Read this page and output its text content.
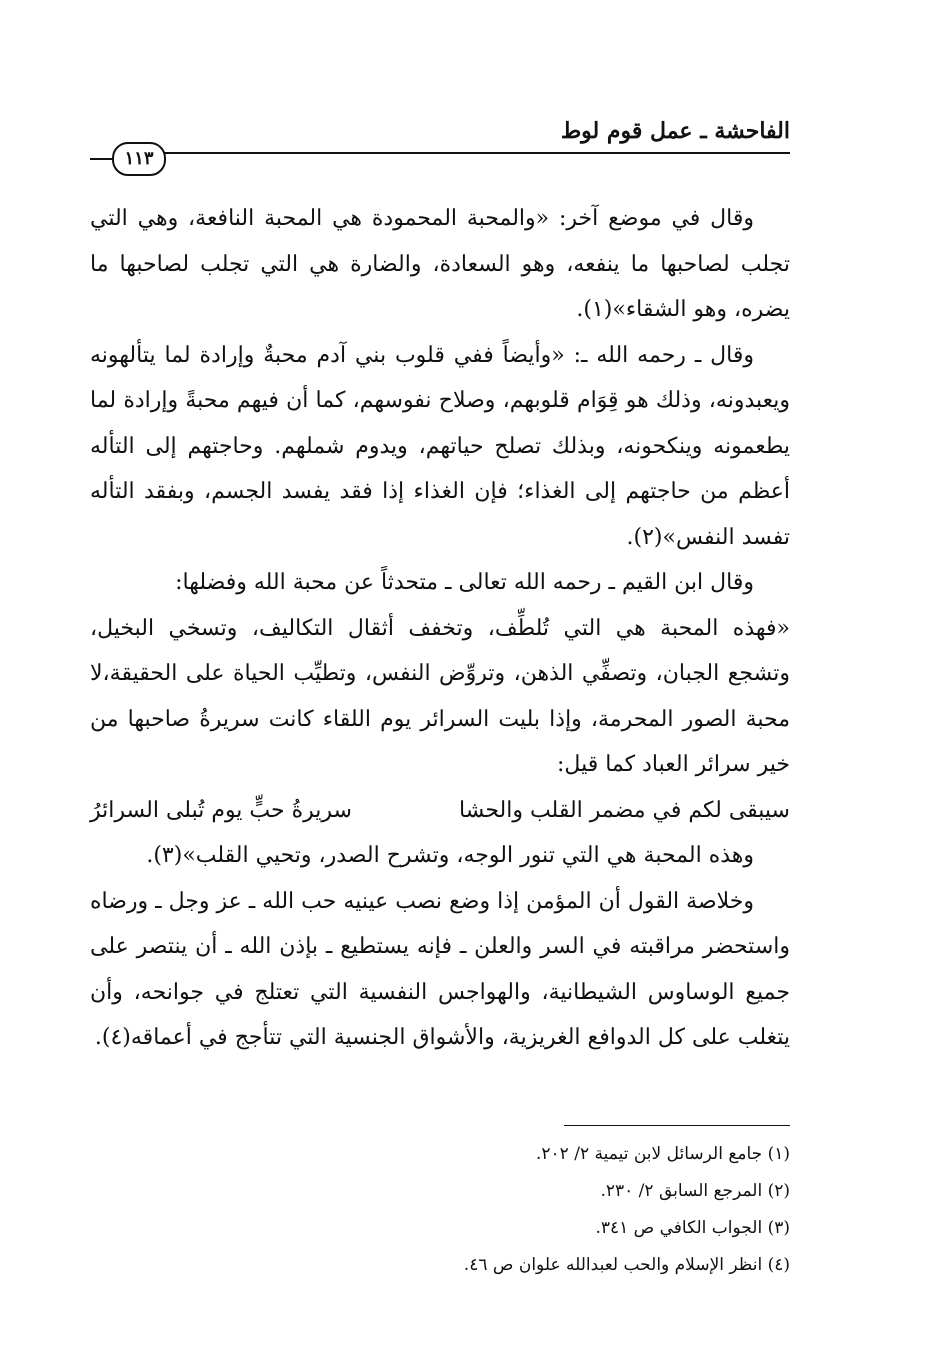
الفاحشة ـ عمل قوم لوط
١١٣

وقال في موضع آخر: «والمحبة المحمودة هي المحبة النافعة، وهي التي تجلب لصاحبها ما ينفعه، وهو السعادة، والضارة هي التي تجلب لصاحبها ما يضره، وهو الشقاء»(١).

وقال ـ رحمه الله ـ: «وأيضاً ففي قلوب بني آدم محبةٌ وإرادة لما يتألهونه ويعبدونه، وذلك هو قِوَام قلوبهم، وصلاح نفوسهم، كما أن فيهم محبةً وإرادة لما يطعمونه وينكحونه، وبذلك تصلح حياتهم، ويدوم شملهم. وحاجتهم إلى التأله أعظم من حاجتهم إلى الغذاء؛ فإن الغذاء إذا فقد يفسد الجسم، وبفقد التأله تفسد النفس»(٢).

وقال ابن القيم ـ رحمه الله تعالى ـ متحدثاً عن محبة الله وفضلها:

«فهذه المحبة هي التي تُلطِّف، وتخفف أثقال التكاليف، وتسخي البخيل، وتشجع الجبان، وتصفِّي الذهن، وتروِّض النفس، وتطيِّب الحياة على الحقيقة،لا محبة الصور المحرمة، وإذا بليت السرائر يوم اللقاء كانت سريرةُ صاحبها من خير سرائر العباد كما قيل:

سيبقى لكم في مضمر القلب والحشا
سريرةُ حبٍّ يوم تُبلى السرائرُ

وهذه المحبة هي التي تنور الوجه، وتشرح الصدر، وتحيي القلب»(٣).

وخلاصة القول أن المؤمن إذا وضع نصب عينيه حب الله ـ عز وجل ـ ورضاه واستحضر مراقبته في السر والعلن ـ فإنه يستطيع ـ بإذن الله ـ أن ينتصر على جميع الوساوس الشيطانية، والهواجس النفسية التي تعتلج في جوانحه، وأن يتغلب على كل الدوافع الغريزية، والأشواق الجنسية التي تتأجج في أعماقه(٤).

(١) جامع الرسائل لابن تيمية ٢/ ٢٠٢.

(٢) المرجع السابق ٢/ ٢٣٠.

(٣) الجواب الكافي ص ٣٤١.

(٤) انظر الإسلام والحب لعبدالله علوان ص ٤٦.
